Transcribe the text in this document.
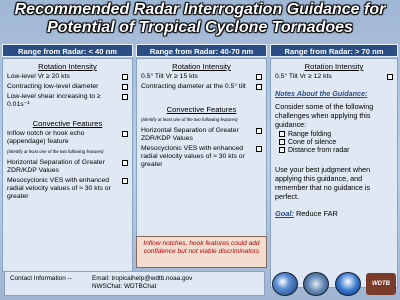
Recommended Radar Interrogation Guidance for
Potential of Tropical Cyclone Tornadoes
Range from Radar: < 40 nm
Rotation Intensity
Low-level Vr ≥ 20 kts
Contracting low-level diameter
Low-level shear increasing to ≥ 0.01s⁻¹
Convective Features
Inflow notch or hook echo (appendage) feature
(Identify at least one of the two following features)
Horizontal Separation of Greater ZDR/KDP Values
Mesocyclonic VES with enhanced radial velocity values of ≈ 30 kts or greater
Range from Radar: 40-70 nm
Rotation Intensity
0.5° Tilt Vr ≥ 15 kts
Contracting diameter at the 0.5° tilt
Convective Features
(Identify at least one of the two following features)
Horizontal Separation of Greater ZDR/KDP Values
Mesocyclonic VES with enhanced radial velocity values of ≈ 30 kts or greater
Inflow notches, hook features could add confidence but not viable discriminators
Range from Radar: > 70 nm
Rotation Intensity
0.5° Tilt Vr ≥ 12 kts
Notes About the Guidance:
Consider some of the following challenges when applying this guidance:
Range folding
Cone of silence
Distance from radar
Use your best judgment when applying this guidance, and remember that no guidance is perfect.
Goal: Reduce FAR
Contact Information --	Email: tropicalhelp@wdtb.noaa.gov
NWSChat: WDTBChat	WDTB
